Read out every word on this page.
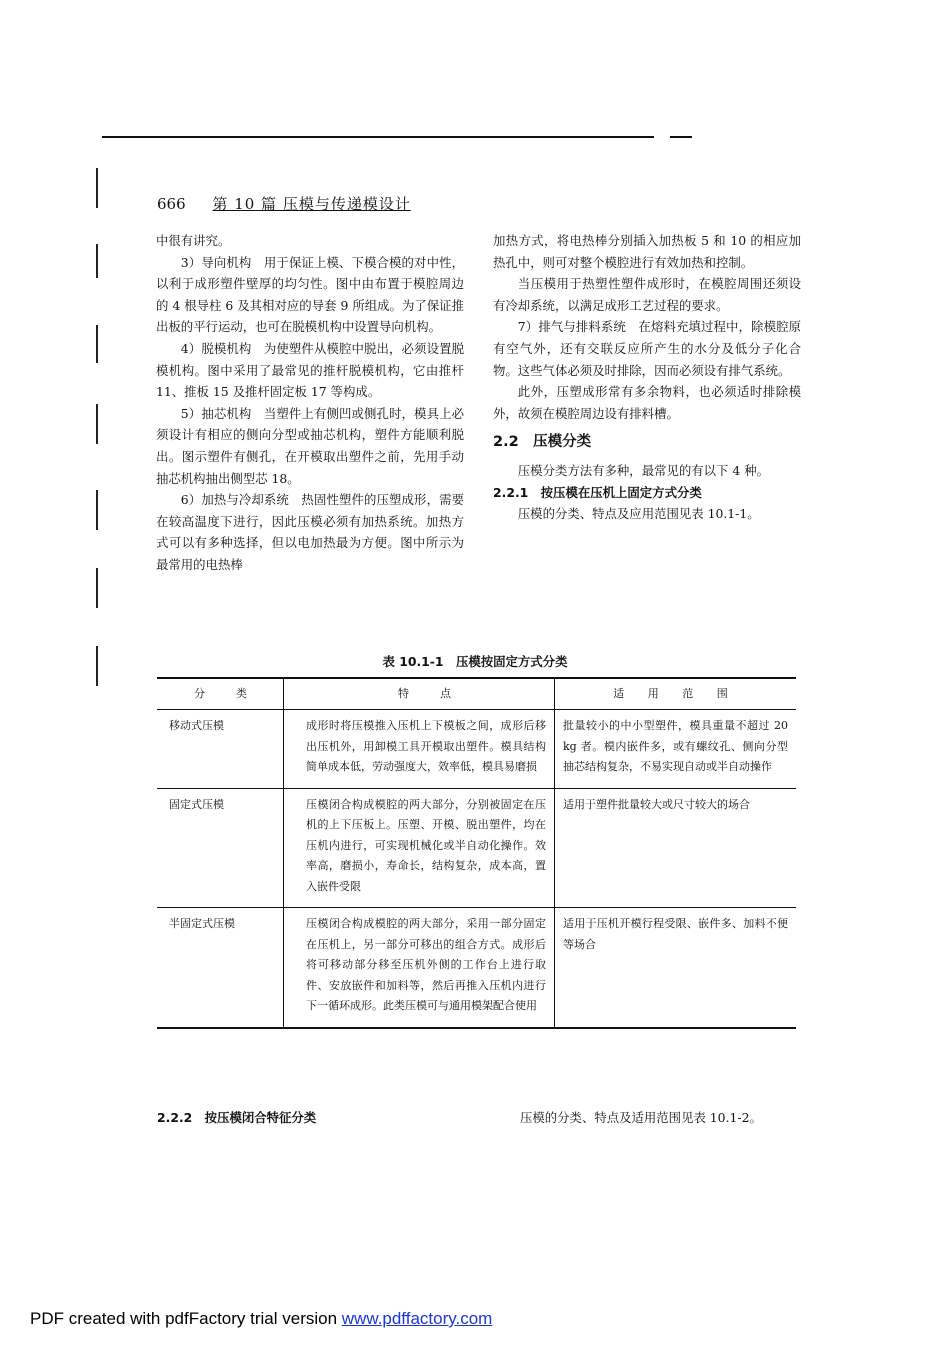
666 第 10 篇 压模与传递模设计

中很有讲究。

3）导向机构　用于保证上模、下模合模的对中性，以利于成形塑件壁厚的均匀性。图中由布置于模腔周边的 4 根导柱 6 及其相对应的导套 9 所组成。为了保证推出板的平行运动，也可在脱模机构中设置导向机构。

4）脱模机构　为使塑件从模腔中脱出，必须设置脱模机构。图中采用了最常见的推杆脱模机构，它由推杆 11、推板 15 及推杆固定板 17 等构成。

5）抽芯机构　当塑件上有侧凹或侧孔时，模具上必须设计有相应的侧向分型或抽芯机构，塑件方能顺利脱出。图示塑件有侧孔，在开模取出塑件之前，先用手动抽芯机构抽出侧型芯 18。

6）加热与冷却系统　热固性塑件的压塑成形，需要在较高温度下进行，因此压模必须有加热系统。加热方式可以有多种选择，但以电加热最为方便。图中所示为最常用的电热棒

加热方式，将电热棒分别插入加热板 5 和 10 的相应加热孔中，则可对整个模腔进行有效加热和控制。

当压模用于热塑性塑件成形时，在模腔周围还须设有冷却系统，以满足成形工艺过程的要求。

7）排气与排料系统　在熔料充填过程中，除模腔原有空气外，还有交联反应所产生的水分及低分子化合物。这些气体必须及时排除，因而必须设有排气系统。

此外，压塑成形常有多余物料，也必须适时排除模外，故须在模腔周边设有排料槽。

2.2　压模分类

压模分类方法有多种，最常见的有以下 4 种。

2.2.1　按压模在压机上固定方式分类

压模的分类、特点及应用范围见表 10.1-1。

表 10.1-1　压模按固定方式分类
分　类	特　点	适 用 范 围
移动式压模	成形时将压模推入压机上下模板之间，成形后移出压机外，用卸模工具开模取出塑件。模具结构简单成本低，劳动强度大，效率低，模具易磨损	批量较小的中小型塑件，模具重量不超过 20 kg 者。模内嵌件多，或有螺纹孔、侧向分型抽芯结构复杂，不易实现自动或半自动操作
固定式压模	压模闭合构成模腔的两大部分，分别被固定在压机的上下压板上。压塑、开模、脱出塑件，均在压机内进行，可实现机械化或半自动化操作。效率高，磨损小，寿命长，结构复杂，成本高，置入嵌件受限	适用于塑件批量较大或尺寸较大的场合
半固定式压模	压模闭合构成模腔的两大部分，采用一部分固定在压机上，另一部分可移出的组合方式。成形后将可移动部分移至压机外侧的工作台上进行取件、安放嵌件和加料等，然后再推入压机内进行下一循环成形。此类压模可与通用模架配合使用	适用于压机开模行程受限、嵌件多、加料不便等场合
2.2.2　按压模闭合特征分类	压模的分类、特点及适用范围见表 10.1-2。
PDF created with pdfFactory trial version www.pdffactory.com
